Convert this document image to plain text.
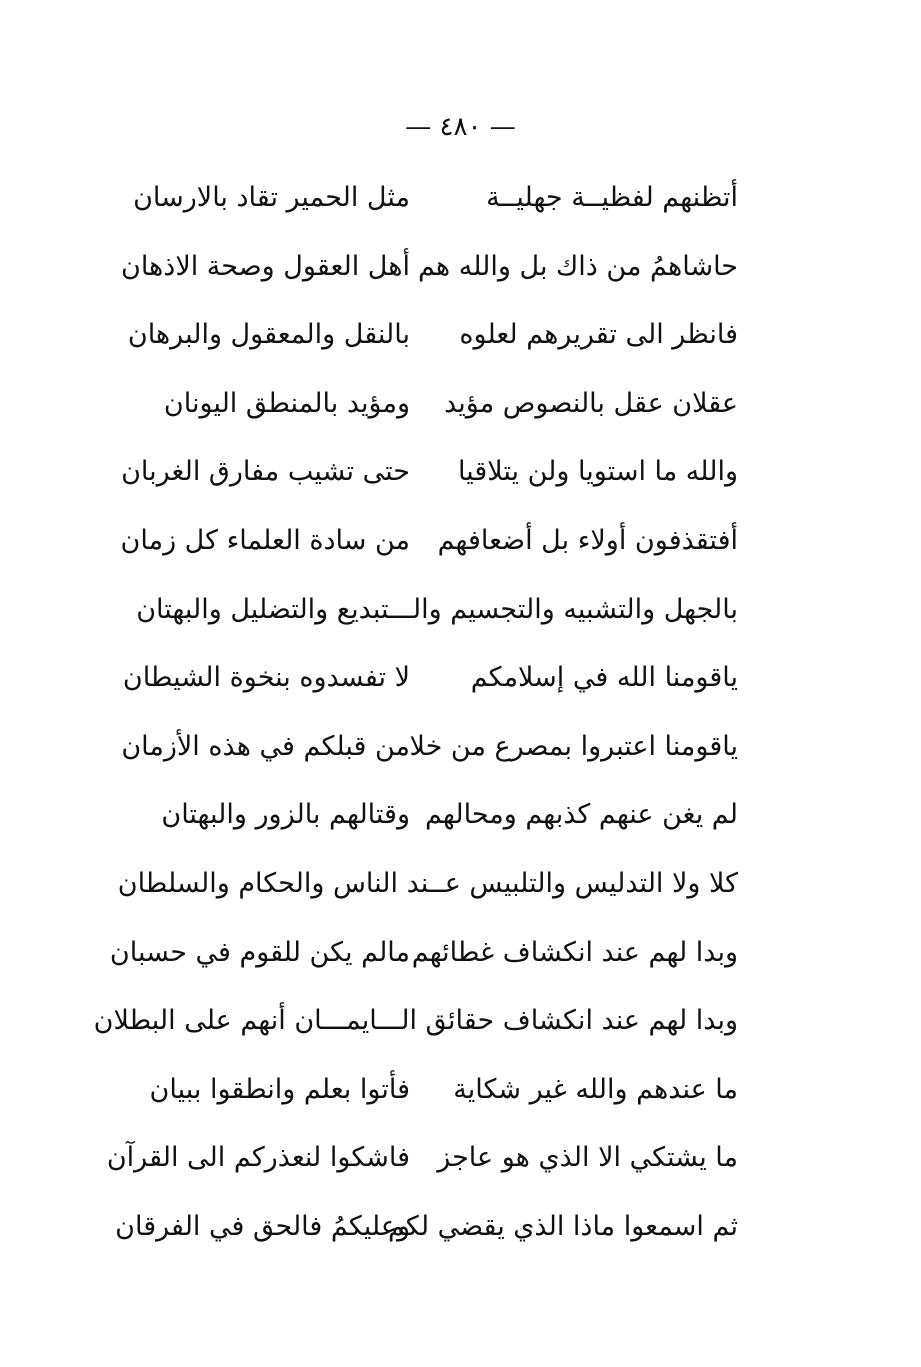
— ٤٨٠ —
أتظنهم لفظيــة جهليــة
مثل الحمير تقاد بالارسان
حاشاهمُ من ذاك بل والله هم
أهل العقول وصحة الاذهان
فانظر الى تقريرهم لعلوه
بالنقل والمعقول والبرهان
عقلان عقل بالنصوص مؤيد
ومؤيد بالمنطق اليونان
والله ما استويا ولن يتلاقيا
حتى تشيب مفارق الغربان
أفتقذفون أولاء بل أضعافهم
من سادة العلماء كل زمان
بالجهل والتشبيه والتجسيم والـــتبديع والتضليل والبهتان
ياقومنا الله في إسلامكم
لا تفسدوه بنخوة الشيطان
ياقومنا اعتبروا بمصرع من خلا
من قبلكم في هذه الأزمان
لم يغن عنهم كذبهم ومحالهم
وقتالهم بالزور والبهتان
كلا ولا التدليس والتلبيس عــند الناس والحكام والسلطان
وبدا لهم عند انكشاف غطائهم
مالم يكن للقوم في حسبان
وبدا لهم عند انكشاف حقائق الـــايمـــان أنهم على البطلان
ما عندهم والله غير شكاية
فأتوا بعلم وانطقوا ببيان
ما يشتكي الا الذي هو عاجز
فاشكوا لنعذركم الى القرآن
ثم اسمعوا ماذا الذي يقضي لكم
وعليكمُ فالحق في الفرقان
